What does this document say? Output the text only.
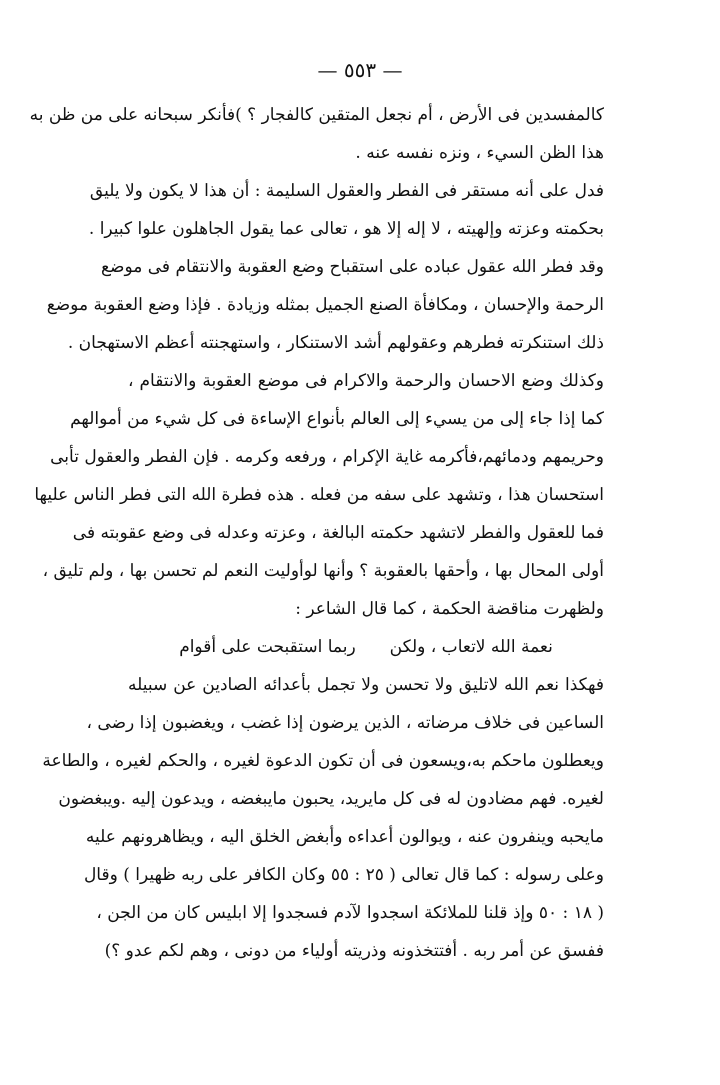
— ٥٥٣ —
كالمفسدين فى الأرض ، أم نجعل المتقين كالفجار ؟ )فأنكر سبحانه على من ظن به
هذا الظن السيء ، ونزه نفسه عنه .
فدل على أنه مستقر فى الفطر والعقول السليمة : أن هذا لا يكون ولا يليق
بحكمته وعزته وإلهيته ، لا إله إلا هو ، تعالى عما يقول الجاهلون علوا كبيرا .
وقد فطر الله عقول عباده على استقباح وضع العقوبة والانتقام فى موضع
الرحمة والإحسان ، ومكافأة الصنع الجميل بمثله وزيادة . فإذا وضع العقوبة موضع
ذلك استنكرته فطرهم وعقولهم أشد الاستنكار ، واستهجنته أعظم الاستهجان .
وكذلك وضع الاحسان والرحمة والاكرام فى موضع العقوبة والانتقام ،
كما إذا جاء إلى من يسيء إلى العالم بأنواع الإساءة فى كل شيء من أموالهم
وحريمهم ودمائهم،فأكرمه غاية الإكرام ، ورفعه وكرمه . فإن الفطر والعقول تأبى
استحسان هذا ، وتشهد على سفه من فعله . هذه فطرة الله التى فطر الناس عليها
فما للعقول والفطر لاتشهد حكمته البالغة ، وعزته وعدله فى وضع عقوبته فى
أولى المحال بها ، وأحقها بالعقوبة ؟ وأنها لوأوليت النعم لم تحسن بها ، ولم تليق ،
ولظهرت مناقضة الحكمة ، كما قال الشاعر :
نعمة الله لاتعاب ، ولكن
ربما استقبحت على أقوام
فهكذا نعم الله لاتليق ولا تحسن ولا تجمل بأعدائه الصادين عن سبيله
الساعين فى خلاف مرضاته ، الذين يرضون إذا غضب ، ويغضبون إذا رضى ،
ويعطلون ماحكم به،ويسعون فى أن تكون الدعوة لغيره ، والحكم لغيره ، والطاعة
لغيره. فهم مضادون له فى كل مايريد، يحبون مايبغضه ، ويدعون إليه .ويبغضون
مايحبه وينفرون عنه ، ويوالون أعداءه وأبغض الخلق اليه ، ويظاهرونهم عليه
وعلى رسوله : كما قال تعالى ( ٢٥ : ٥٥ وكان الكافر على ربه ظهيرا ) وقال
( ١٨ : ٥٠ وإذ قلنا للملائكة اسجدوا لآدم فسجدوا إلا ابليس كان من الجن ،
ففسق عن أمر ربه . أفتتخذونه وذريته أولياء من دونى ، وهم لكم عدو ؟)
